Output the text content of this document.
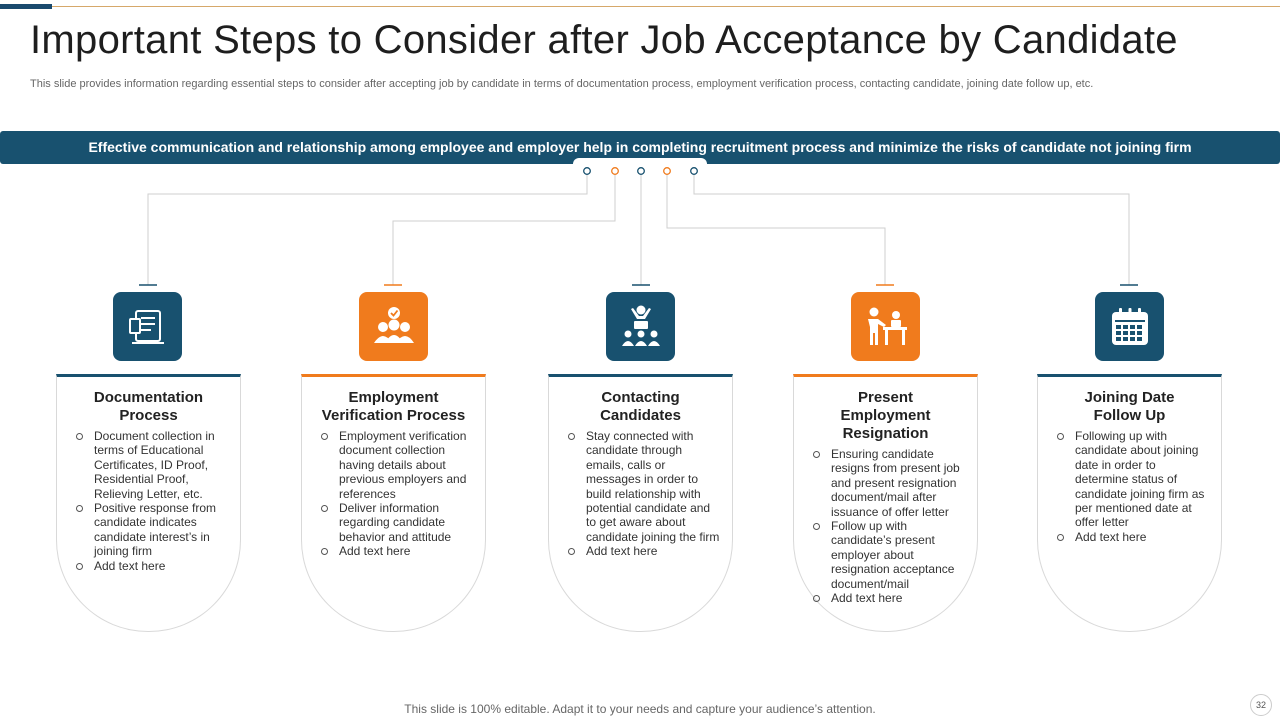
Important Steps to Consider after Job Acceptance by Candidate
This slide provides information regarding essential steps to consider after accepting job by candidate in terms of documentation process, employment verification process, contacting candidate, joining date follow up, etc.
Effective communication and relationship among employee and employer help in completing recruitment process and minimize the risks of candidate not joining firm
Documentation
Process
Document collection in terms of Educational Certificates, ID Proof, Residential Proof, Relieving Letter, etc.
Positive response from candidate indicates candidate interest’s in joining firm
Add text here
Employment
Verification Process
Employment verification document collection having details about previous employers and references
Deliver information regarding candidate behavior and attitude
Add text here
Contacting
Candidates
Stay connected with candidate through emails, calls or messages in order to build relationship with potential candidate and to get aware about candidate joining the firm
Add text here
Present
Employment Resignation
Ensuring candidate resigns from present job and present resignation document/mail after issuance of offer letter
Follow up with candidate’s present employer about resignation acceptance document/mail
Add text here
Joining Date
Follow Up
Following up with candidate about joining date in order to determine status of candidate joining firm as per mentioned date at offer letter
Add text here
This slide is 100% editable. Adapt it to your needs and capture your audience’s attention.	32
